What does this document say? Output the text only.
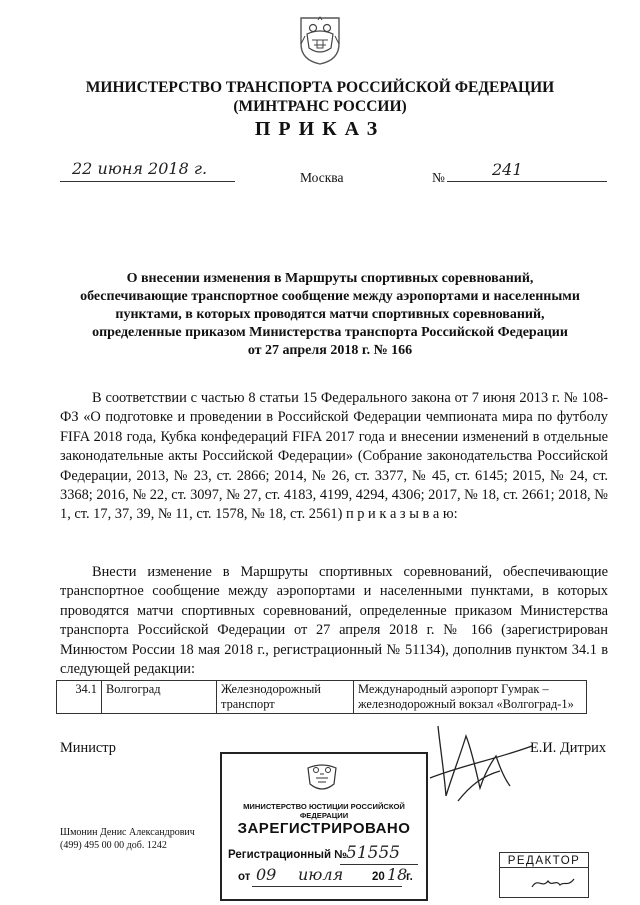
МИНИСТЕРСТВО ТРАНСПОРТА РОССИЙСКОЙ ФЕДЕРАЦИИ
(МИНТРАНС РОССИИ)
ПРИКАЗ
22 июня 2018 г.	Москва	№	241
О внесении изменения в Маршруты спортивных соревнований,
обеспечивающие транспортное сообщение между аэропортами и населенными
пунктами, в которых проводятся матчи спортивных соревнований,
определенные приказом Министерства транспорта Российской Федерации
от 27 апреля 2018 г. № 166
В соответствии с частью 8 статьи 15 Федерального закона от 7 июня 2013 г. № 108-ФЗ «О подготовке и проведении в Российской Федерации чемпионата мира по футболу FIFA 2018 года, Кубка конфедераций FIFA 2017 года и внесении изменений в отдельные законодательные акты Российской Федерации» (Собрание законодательства Российской Федерации, 2013, № 23, ст. 2866; 2014, № 26, ст. 3377, № 45, ст. 6145; 2015, № 24, ст. 3368; 2016, № 22, ст. 3097, № 27, ст. 4183, 4199, 4294, 4306; 2017, № 18, ст. 2661; 2018, № 1, ст. 17, 37, 39, № 11, ст. 1578, № 18, ст. 2561) п р и к а з ы в а ю:
Внести изменение в Маршруты спортивных соревнований, обеспечивающие транспортное сообщение между аэропортами и населенными пунктами, в которых проводятся матчи спортивных соревнований, определенные приказом Министерства транспорта Российской Федерации от 27 апреля 2018 г. № 166 (зарегистрирован Минюстом России 18 мая 2018 г., регистрационный № 51134), дополнив пунктом 34.1 в следующей редакции:
34.1	Волгоград	Железнодорожный транспорт	Международный аэропорт Гумрак – железнодорожный вокзал «Волгоград-1»
Министр	Е.И. Дитрих
Шмонин Денис Александрович
(499) 495 00 00 доб. 1242
МИНИСТЕРСТВО ЮСТИЦИИ РОССИЙСКОЙ ФЕДЕРАЦИИ
ЗАРЕГИСТРИРОВАНО
Регистрационный №
51555
от 09 июля	20 18
г.
РЕДАКТОР
